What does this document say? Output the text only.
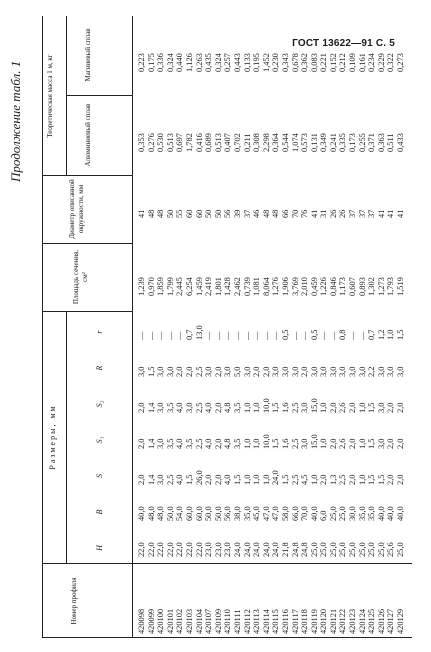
ГОСТ 13622—91 С. 5
Продолжение табл. 1
Номер профиля
Размеры, мм
H
B
S
S₁
S₂
R
r
Площадь сечения, см²
Диаметр описанной окружности, мм
Теоретическая масса 1 м, кг	Алюминиевый сплав
Магниевый сплав
420098 420099 420100 420101 420102 420103 420104 420107 420109 420110 420111 420112 420113 420114 420115 420116 420117 420118 420119 420120 420121 420122 420123 420124 420125 420126 420127 420129
22,0 22,0 22,0 22,0 22,0 22,0 22,0 23,0 23,0 23,0 24,0 24,0 24,0 24,0 24,0 21,8 24,8 24,8 25,0 25,0 25,0 25,0 25,0 25,0 25,0 25,0 25,6 25,0
40,0 48,0 48,0 50,0 54,0 60,0 60,0 50,0 50,0 56,0 38,0 35,0 45,0 47,0 47,0 58,0 66,0 70,0 40,0 6,0 25,0 25,0 30,0 35,0 35,0 40,0 40,0 40,0
2,0 1,4 3,0 2,5 4,0 1,5 26,0 2,0 2,0 4,0 1,5 1,0 1,0 1,0 24,0 1,5 2,5 4,5 1,0 2,0 1,3 2,5 2,0 1,0 1,5 1,5 2,0 2,0
2,0 1,4 3,0 3,5 4,0 3,5 2,5 4,0 2,0 4,8 3,5 1,0 1,0 10,0 1,5 1,6 2,5 3,0 15,0 1,0 2,0 2,6 2,0 1,0 1,5 3,0 2,0 2,0
2,0 1,4 3,0 3,5 4,0 3,0 2,5 4,0 2,0 4,8 3,5 1,0 1,0 10,0 1,5 1,6 2,5 3,0 15,0 1,0 2,0 2,6 2,0 1,0 1,5 3,0 2,0 2,0
3,0 1,5 3,0 3,0 2,0 2,0 2,5 3,0 2,0 3,0 5,0 3,0 2,0 2,0 3,0 3,0 3,0 2,0 3,0 3,0 3,0 3,0 3,0 3,0 2,2 3,0 3,0 3,0
— — — — — 0,7 13,0 — — — — — — — — 0,5 — — 0,5 — — 0,8 — — 0,7 1,2 1,0 1,5
1,239 0,970 1,859 1,799 2,445 6,254 1,459 2,419 1,801 1,428 2,462 0,739 1,081 8,064 1,276 1,906 3,769 2,010 0,459 1,226 0,846 1,173 0,607 0,893 1,302 1,273 1,793 1,519
41 48 48 50 55 60 60 50 50 56 39 37 46 48 48 66 70 76 41 31 26 26 37 37 37 41 41 41
0,353 0,276 0,530 0,513 0,697 1,782 0,416 0,689 0,513 0,407 0,702 0,211 0,308 2,298 0,364 0,544 1,074 0,573 0,131 0,349 0,241 0,335 0,173 0,255 0,371 0,363 0,511 0,433
0,223 0,175 0,336 0,324 0,440 1,126 0,263 0,435 0,324 0,257 0,443 0,133 0,195 1,452 0,230 0,343 0,678 0,362 0,083 0,221 0,152 0,212 0,109 0,161 0,234 0,229 0,322 0,273
